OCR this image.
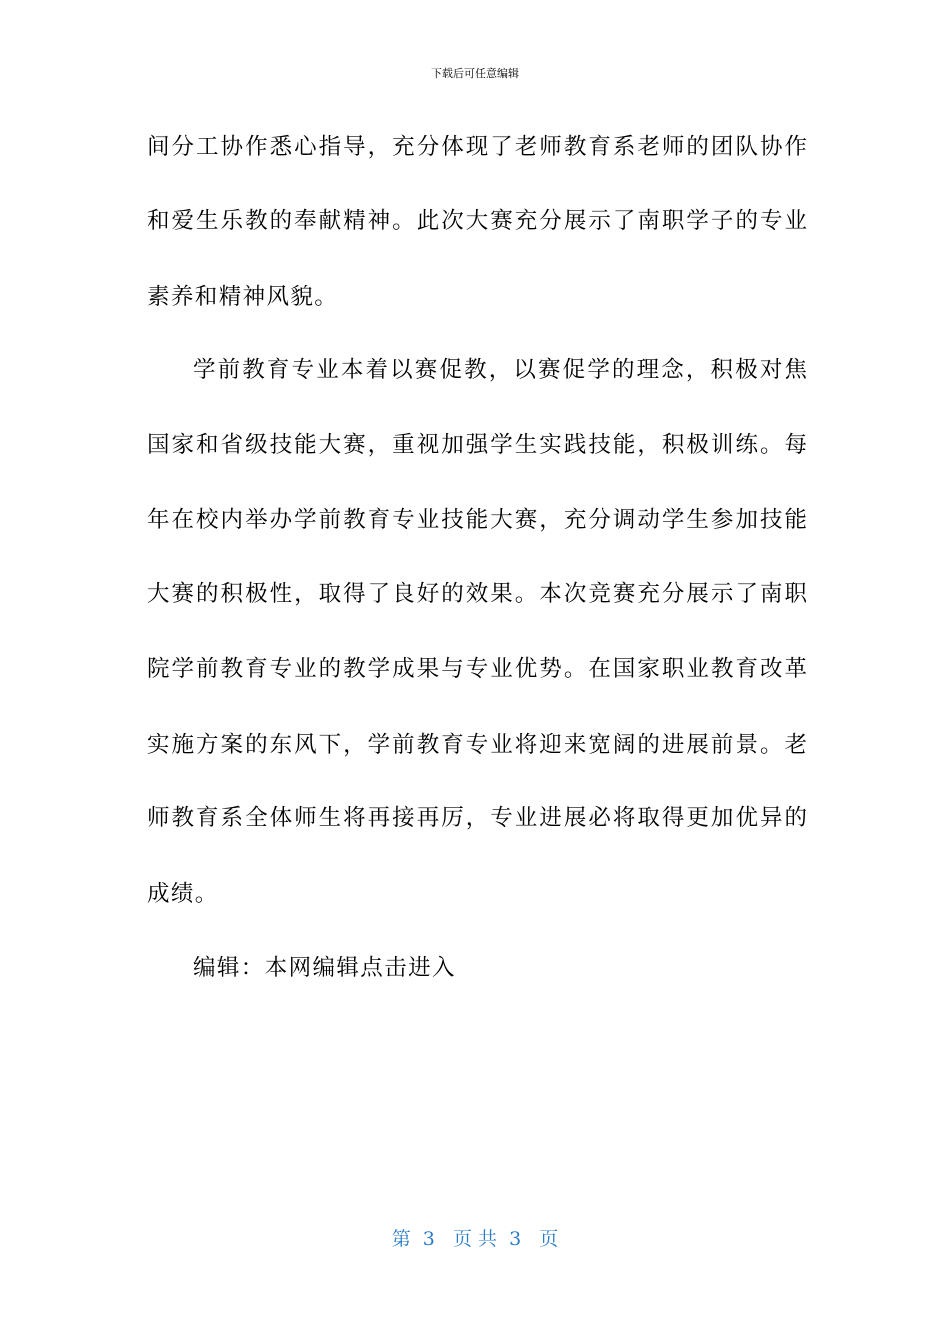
下载后可任意编辑
间分工协作悉心指导，充分体现了老师教育系老师的团队协作
和爱生乐教的奉献精神。此次大赛充分展示了南职学子的专业
素养和精神风貌。
学前教育专业本着以赛促教，以赛促学的理念，积极对焦
国家和省级技能大赛，重视加强学生实践技能，积极训练。每
年在校内举办学前教育专业技能大赛，充分调动学生参加技能
大赛的积极性，取得了良好的效果。本次竞赛充分展示了南职
院学前教育专业的教学成果与专业优势。在国家职业教育改革
实施方案的东风下，学前教育专业将迎来宽阔的进展前景。老
师教育系全体师生将再接再厉，专业进展必将取得更加优异的
成绩。
编辑：本网编辑点击进入
第  3   页 共  3   页
